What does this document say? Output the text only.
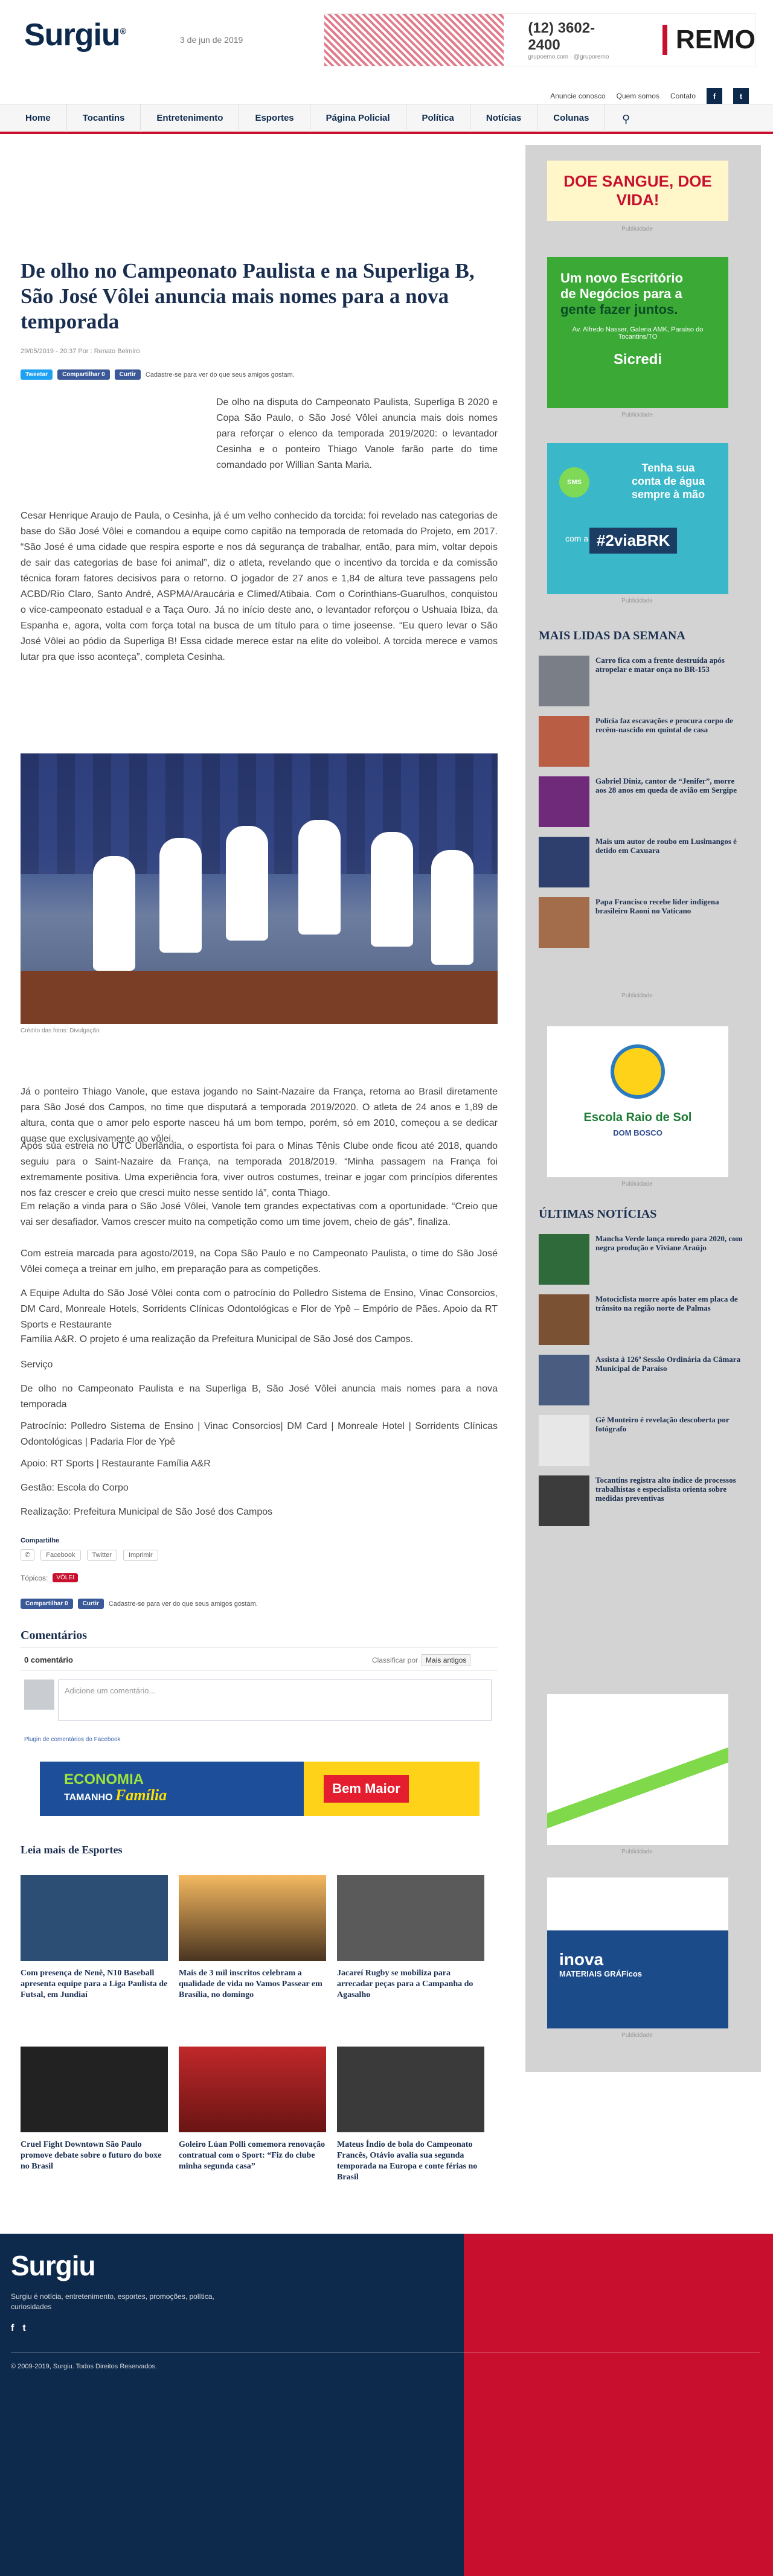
Surgiu®
3 de jun de 2019
(12) 3602-2400
grupoemo.com · @gruporemo
REMO
Anuncie conosco Quem somos Contato	f	t
Home	Tocantins	Entretenimento	Esportes	Página Policial	Política	Notícias	Colunas	⚲
De olho no Campeonato Paulista e na Superliga B, São José Vôlei anuncia mais nomes para a nova temporada
29/05/2019 - 20:37 Por : Renato Belmiro
Tweetar	Compartilhar 0	Curtir	Cadastre-se para ver do que seus amigos gostam.

De olho na disputa do Campeonato Paulista, Superliga B 2020 e Copa São Paulo, o São José Vôlei anuncia mais dois nomes para reforçar o elenco da temporada 2019/2020: o levantador Cesinha e o ponteiro Thiago Vanole farão parte do time comandado por Willian Santa Maria.

Cesar Henrique Araujo de Paula, o Cesinha, já é um velho conhecido da torcida: foi revelado nas categorias de base do São José Vôlei e comandou a equipe como capitão na temporada de retomada do Projeto, em 2017. “São José é uma cidade que respira esporte e nos dá segurança de trabalhar, então, para mim, voltar depois de sair das categorias de base foi animal”, diz o atleta, revelando que o incentivo da torcida e da comissão técnica foram fatores decisivos para o retorno. O jogador de 27 anos e 1,84 de altura teve passagens pelo ACBD/Rio Claro, Santo André, ASPMA/Araucária e Climed/Atibaia. Com o Corinthians-Guarulhos, conquistou o vice-campeonato estadual e a Taça Ouro. Já no início deste ano, o levantador reforçou o Ushuaia Ibiza, da Espanha e, agora, volta com força total na busca de um título para o time joseense. “Eu quero levar o São José Vôlei ao pódio da Superliga B! Essa cidade merece estar na elite do voleibol. A torcida merece e vamos lutar pra que isso aconteça”, completa Cesinha.

Crédito das fotos: Divulgação

Já o ponteiro Thiago Vanole, que estava jogando no Saint-Nazaire da França, retorna ao Brasil diretamente para São José dos Campos, no time que disputará a temporada 2019/2020. O atleta de 24 anos e 1,89 de altura, conta que o amor pelo esporte nasceu há um bom tempo, porém, só em 2010, começou a se dedicar quase que exclusivamente ao vôlei.

Após sua estreia no UTC Uberlândia, o esportista foi para o Minas Tênis Clube onde ficou até 2018, quando seguiu para o Saint-Nazaire da França, na temporada 2018/2019. “Minha passagem na França foi extremamente positiva. Uma experiência fora, viver outros costumes, treinar e jogar com princípios diferentes nos faz crescer e creio que cresci muito nesse sentido lá”, conta Thiago.

Em relação a vinda para o São José Vôlei, Vanole tem grandes expectativas com a oportunidade. “Creio que vai ser desafiador. Vamos crescer muito na competição como um time jovem, cheio de gás”, finaliza.

Com estreia marcada para agosto/2019, na Copa São Paulo e no Campeonato Paulista, o time do São José Vôlei começa a treinar em julho, em preparação para as competições.

A Equipe Adulta do São José Vôlei conta com o patrocínio do Polledro Sistema de Ensino, Vinac Consorcios, DM Card, Monreale Hotels, Sorridents Clínicas Odontológicas e Flor de Ypê – Empório de Pães. Apoio da RT Sports e Restaurante

Família A&R. O projeto é uma realização da Prefeitura Municipal de São José dos Campos.

Serviço

De olho no Campeonato Paulista e na Superliga B, São José Vôlei anuncia mais nomes para a nova temporada

Patrocínio: Polledro Sistema de Ensino | Vinac Consorcios| DM Card | Monreale Hotel | Sorridents Clínicas Odontológicas | Padaria Flor de Ypê

Apoio: RT Sports | Restaurante Família A&R

Gestão: Escola do Corpo

Realização: Prefeitura Municipal de São José dos Campos

Compartilhe
✆	Facebook	Twitter	Imprimir
Tópicos:	VÔLEI
Compartilhar 0	Curtir	Cadastre-se para ver do que seus amigos gostam.
Comentários
0 comentário	Classificar por	Mais antigos
Adicione um comentário...
Plugin de comentários do Facebook
ECONOMIA
TAMANHO Família	Bem Maior
Leia mais de Esportes
Com presença de Nenê, N10 Baseball apresenta equipe para a Liga Paulista de Futsal, em Jundiaí
Mais de 3 mil inscritos celebram a qualidade de vida no Vamos Passear em Brasília, no domingo
Jacareí Rugby se mobiliza para arrecadar peças para a Campanha do Agasalho
Cruel Fight Downtown São Paulo promove debate sobre o futuro do boxe no Brasil
Goleiro Lúan Polli comemora renovação contratual com o Sport: “Fiz do clube minha segunda casa”
Mateus Índio de bola do Campeonato Francês, Otávio avalia sua segunda temporada na Europa e conte férias no Brasil
DOE SANGUE, DOE VIDA!
Publicidade
Um novo Escritório
de Negócios para a
gente fazer juntos.
Av. Alfredo Nasser, Galeria AMK, Paraíso do Tocantins/TO
Sicredi
Publicidade
SMS
Tenha sua
conta de água
sempre à mão
com a #2viaBRK
Publicidade
MAIS LIDAS DA SEMANA
Carro fica com a frente destruída após atropelar e matar onça no BR-153
Polícia faz escavações e procura corpo de recém-nascido em quintal de casa
Gabriel Diniz, cantor de “Jenifer”, morre aos 28 anos em queda de avião em Sergipe
Mais um autor de roubo em Lusimangos é detido em Caxuara
Papa Francisco recebe líder indígena brasileiro Raoni no Vaticano
Publicidade
Escola Raio de Sol
DOM BOSCO
Publicidade
ÚLTIMAS NOTÍCIAS
Mancha Verde lança enredo para 2020, com negra produção e Viviane Araújo
Motociclista morre após bater em placa de trânsito na região norte de Palmas
Assista à 126ª Sessão Ordinária da Câmara Municipal de Paraíso
Gê Monteiro é revelação descoberta por fotógrafo
Tocantins registra alto índice de processos trabalhistas e especialista orienta sobre medidas preventivas
Publicidade
inova
MATERIAIS GRÁFicos
Publicidade
Surgiu
Surgiu é notícia, entretenimento, esportes, promoções, política, curiosidades
f t
© 2009-2019, Surgiu. Todos Direitos Reservados.
